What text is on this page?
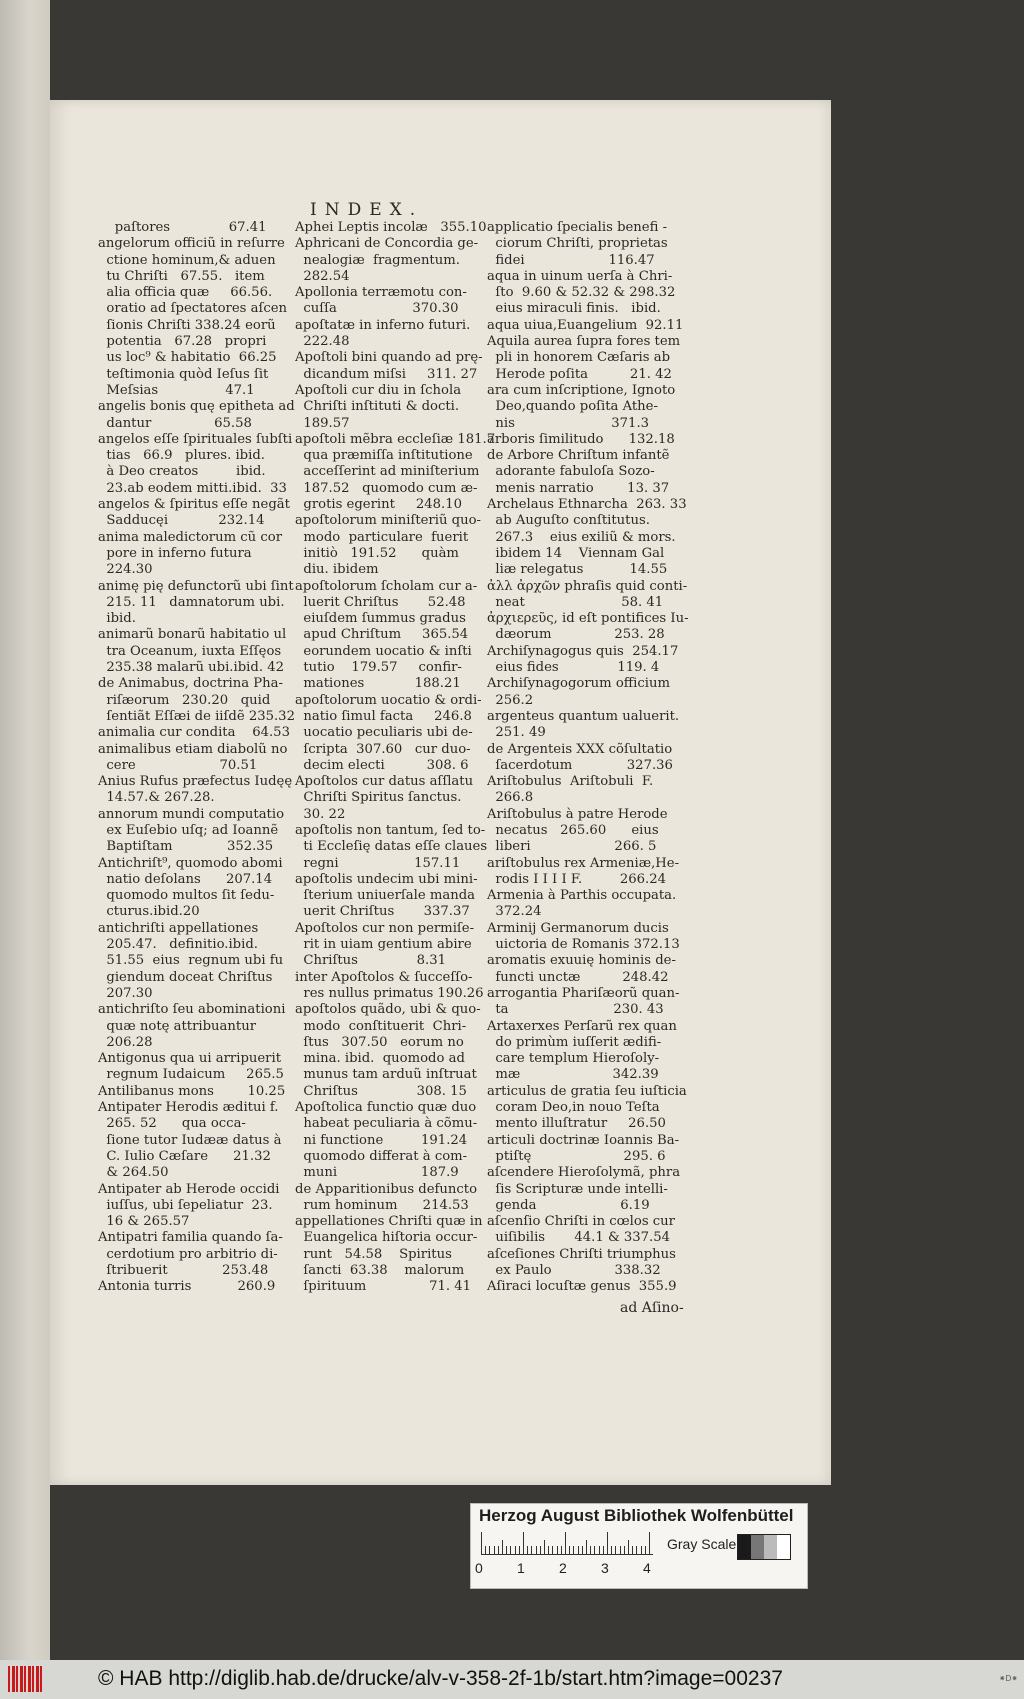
INDEX.
paſtores              67.41
angelorum officiũ in reſurre
ctione hominum,& aduen
tu Chriſti   67.55.   item
alia officia quæ     66.56.
oratio ad ſpectatores aſcen
ſionis Chriſti 338.24 eorũ
potentia   67.28   propri
us loc⁹ & habitatio  66.25
teſtimonia quòd Ieſus ſit
Meſsias                47.1
angelis bonis quę epitheta ad
dantur               65.58
angelos eſſe ſpirituales ſubſti
tias   66.9   plures. ibid.
à Deo creatos         ibid.
23.ab eodem mitti.ibid.  33
angelos & ſpiritus eſſe negãt
Sadducęi            232.14
anima maledictorum cũ cor
pore in inferno futura
224.30
animę pię defunctorũ ubi ſint
215. 11   damnatorum ubi.
ibid.
animarũ bonarũ habitatio ul
tra Oceanum, iuxta Eſſęos
235.38 malarũ ubi.ibid. 42
de Animabus, doctrina Pha-
riſæorum   230.20   quid
ſentiãt Eſſæi de iiſdẽ 235.32
animalia cur condita    64.53
animalibus etiam diabolũ no
cere                    70.51
Anius Rufus præfectus Iudęę
14.57.& 267.28.
annorum mundi computatio
ex Euſebio uſq; ad Ioannẽ
Baptiſtam             352.35
Antichriſt⁹, quomodo abomi
natio deſolans      207.14
quomodo multos ſit ſedu-
cturus.ibid.20
antichriſti appellationes
205.47.   definitio.ibid.
51.55  eius  regnum ubi fu
giendum doceat Chriſtus
207.30
antichriſto ſeu abominationi
quæ notę attribuantur
206.28
Antigonus qua ui arripuerit
regnum Iudaicum     265.5
Antilibanus mons        10.25
Antipater Herodis æditui f.
265. 52      qua occa-
ſione tutor Iudææ datus à
C. Iulio Cæſare      21.32
& 264.50
Antipater ab Herode occidi
iuſſus, ubi ſepeliatur  23.
16 & 265.57
Antipatri familia quando ſa-
cerdotium pro arbitrio di-
ſtribuerit             253.48
Antonia turris           260.9
Aphei Leptis incolæ   355.10
Aphricani de Concordia ge-
nealogiæ  fragmentum.
282.54
Apollonia terræmotu con-
cuſſa                  370.30
apoſtatæ in inferno futuri.
222.48
Apoſtoli bini quando ad prę-
dicandum miſsi     311. 27
Apoſtoli cur diu in ſchola
Chriſti inſtituti & docti.
189.57
apoſtoli mẽbra eccleſiæ 181.7
qua præmiſſa inſtitutione
acceſſerint ad miniſterium
187.52   quomodo cum æ-
grotis egerint     248.10
apoſtolorum miniſteriũ quo-
modo  particulare  fuerit
initiò   191.52      quàm
diu. ibidem
apoſtolorum ſcholam cur a-
luerit Chriſtus       52.48
eiuſdem ſummus gradus
apud Chriſtum     365.54
eorundem uocatio & inſti
tutio    179.57     confir-
mationes            188.21
apoſtolorum uocatio & ordi-
natio ſimul facta     246.8
uocatio peculiaris ubi de-
ſcripta  307.60   cur duo-
decim electi          308. 6
Apoſtolos cur datus aſſlatu
Chriſti Spiritus ſanctus.
30. 22
apoſtolis non tantum, ſed to-
ti Eccleſię datas eſſe claues
regni                  157.11
apoſtolis undecim ubi mini-
ſterium uniuerſale manda
uerit Chriſtus       337.37
Apoſtolos cur non permiſe-
rit in uiam gentium abire
Chriſtus              8.31
inter Apoſtolos & ſucceſſo-
res nullus primatus 190.26
apoſtolos quãdo, ubi & quo-
modo  conſtituerit  Chri-
ſtus   307.50   eorum no
mina. ibid.  quomodo ad
munus tam arduũ inſtruat
Chriſtus              308. 15
Apoſtolica functio quæ duo
habeat peculiaria à cõmu-
ni functione         191.24
quomodo differat à com-
muni                    187.9
de Apparitionibus defuncto
rum hominum      214.53
appellationes Chriſti quæ in
Euangelica hiſtoria occur-
runt   54.58    Spiritus
ſancti  63.38    malorum
ſpirituum               71. 41
applicatio ſpecialis benefi -
ciorum Chriſti, proprietas
fidei                    116.47
aqua in uinum uerſa à Chri-
ſto  9.60 & 52.32 & 298.32
eius miraculi finis.   ibid.
aqua uiua,Euangelium  92.11
Aquila aurea ſupra fores tem
pli in honorem Cæſaris ab
Herode poſita          21. 42
ara cum inſcriptione, Ignoto
Deo,quando poſita Athe-
nis                       371.3
arboris ſimilitudo      132.18
de Arbore Chriſtum infantẽ
adorante fabuloſa Sozo-
menis narratio        13. 37
Archelaus Ethnarcha  263. 33
ab Auguſto conſtitutus.
267.3    eius exiliũ & mors.
ibidem 14    Viennam Gal
liæ relegatus           14.55
ἀλλ ἀρχῶν phraſis quid conti-
neat                       58. 41
ἀρχιερεῦς, id eſt pontifices Iu-
dæorum               253. 28
Archiſynagogus quis  254.17
eius fides              119. 4
Archiſynagogorum officium
256.2
argenteus quantum ualuerit.
251. 49
de Argenteis XXX cõſultatio
ſacerdotum             327.36
Ariſtobulus  Ariſtobuli  F.
266.8
Ariſtobulus à patre Herode
necatus   265.60      eius
liberi                    266. 5
ariſtobulus rex Armeniæ,He-
rodis I I I I F.         266.24
Armenia à Parthis occupata.
372.24
Arminij Germanorum ducis
uictoria de Romanis 372.13
aromatis exuuię hominis de-
functi unctæ          248.42
arrogantia Phariſæorũ quan-
ta                         230. 43
Artaxerxes Perſarũ rex quan
do primùm iuſſerit ædifi-
care templum Hieroſoly-
mæ                      342.39
articulus de gratia ſeu iuſticia
coram Deo,in nouo Teſta
mento illuſtratur     26.50
articuli doctrinæ Ioannis Ba-
ptiſtę                      295. 6
aſcendere Hieroſolymã, phra
ſis Scripturæ unde intelli-
genda                    6.19
aſcenſio Chriſti in cœlos cur
uiſibilis       44.1 & 337.54
aſceſiones Chriſti triumphus
ex Paulo               338.32
Aſiraci locuſtæ genus  355.9
ad Aſino-
Herzog August Bibliothek Wolfenbüttel
0 1 2 3 4
Gray Scale
© HAB http://diglib.hab.de/drucke/alv-v-358-2f-1b/start.htm?image=00237	⁕D⁕
